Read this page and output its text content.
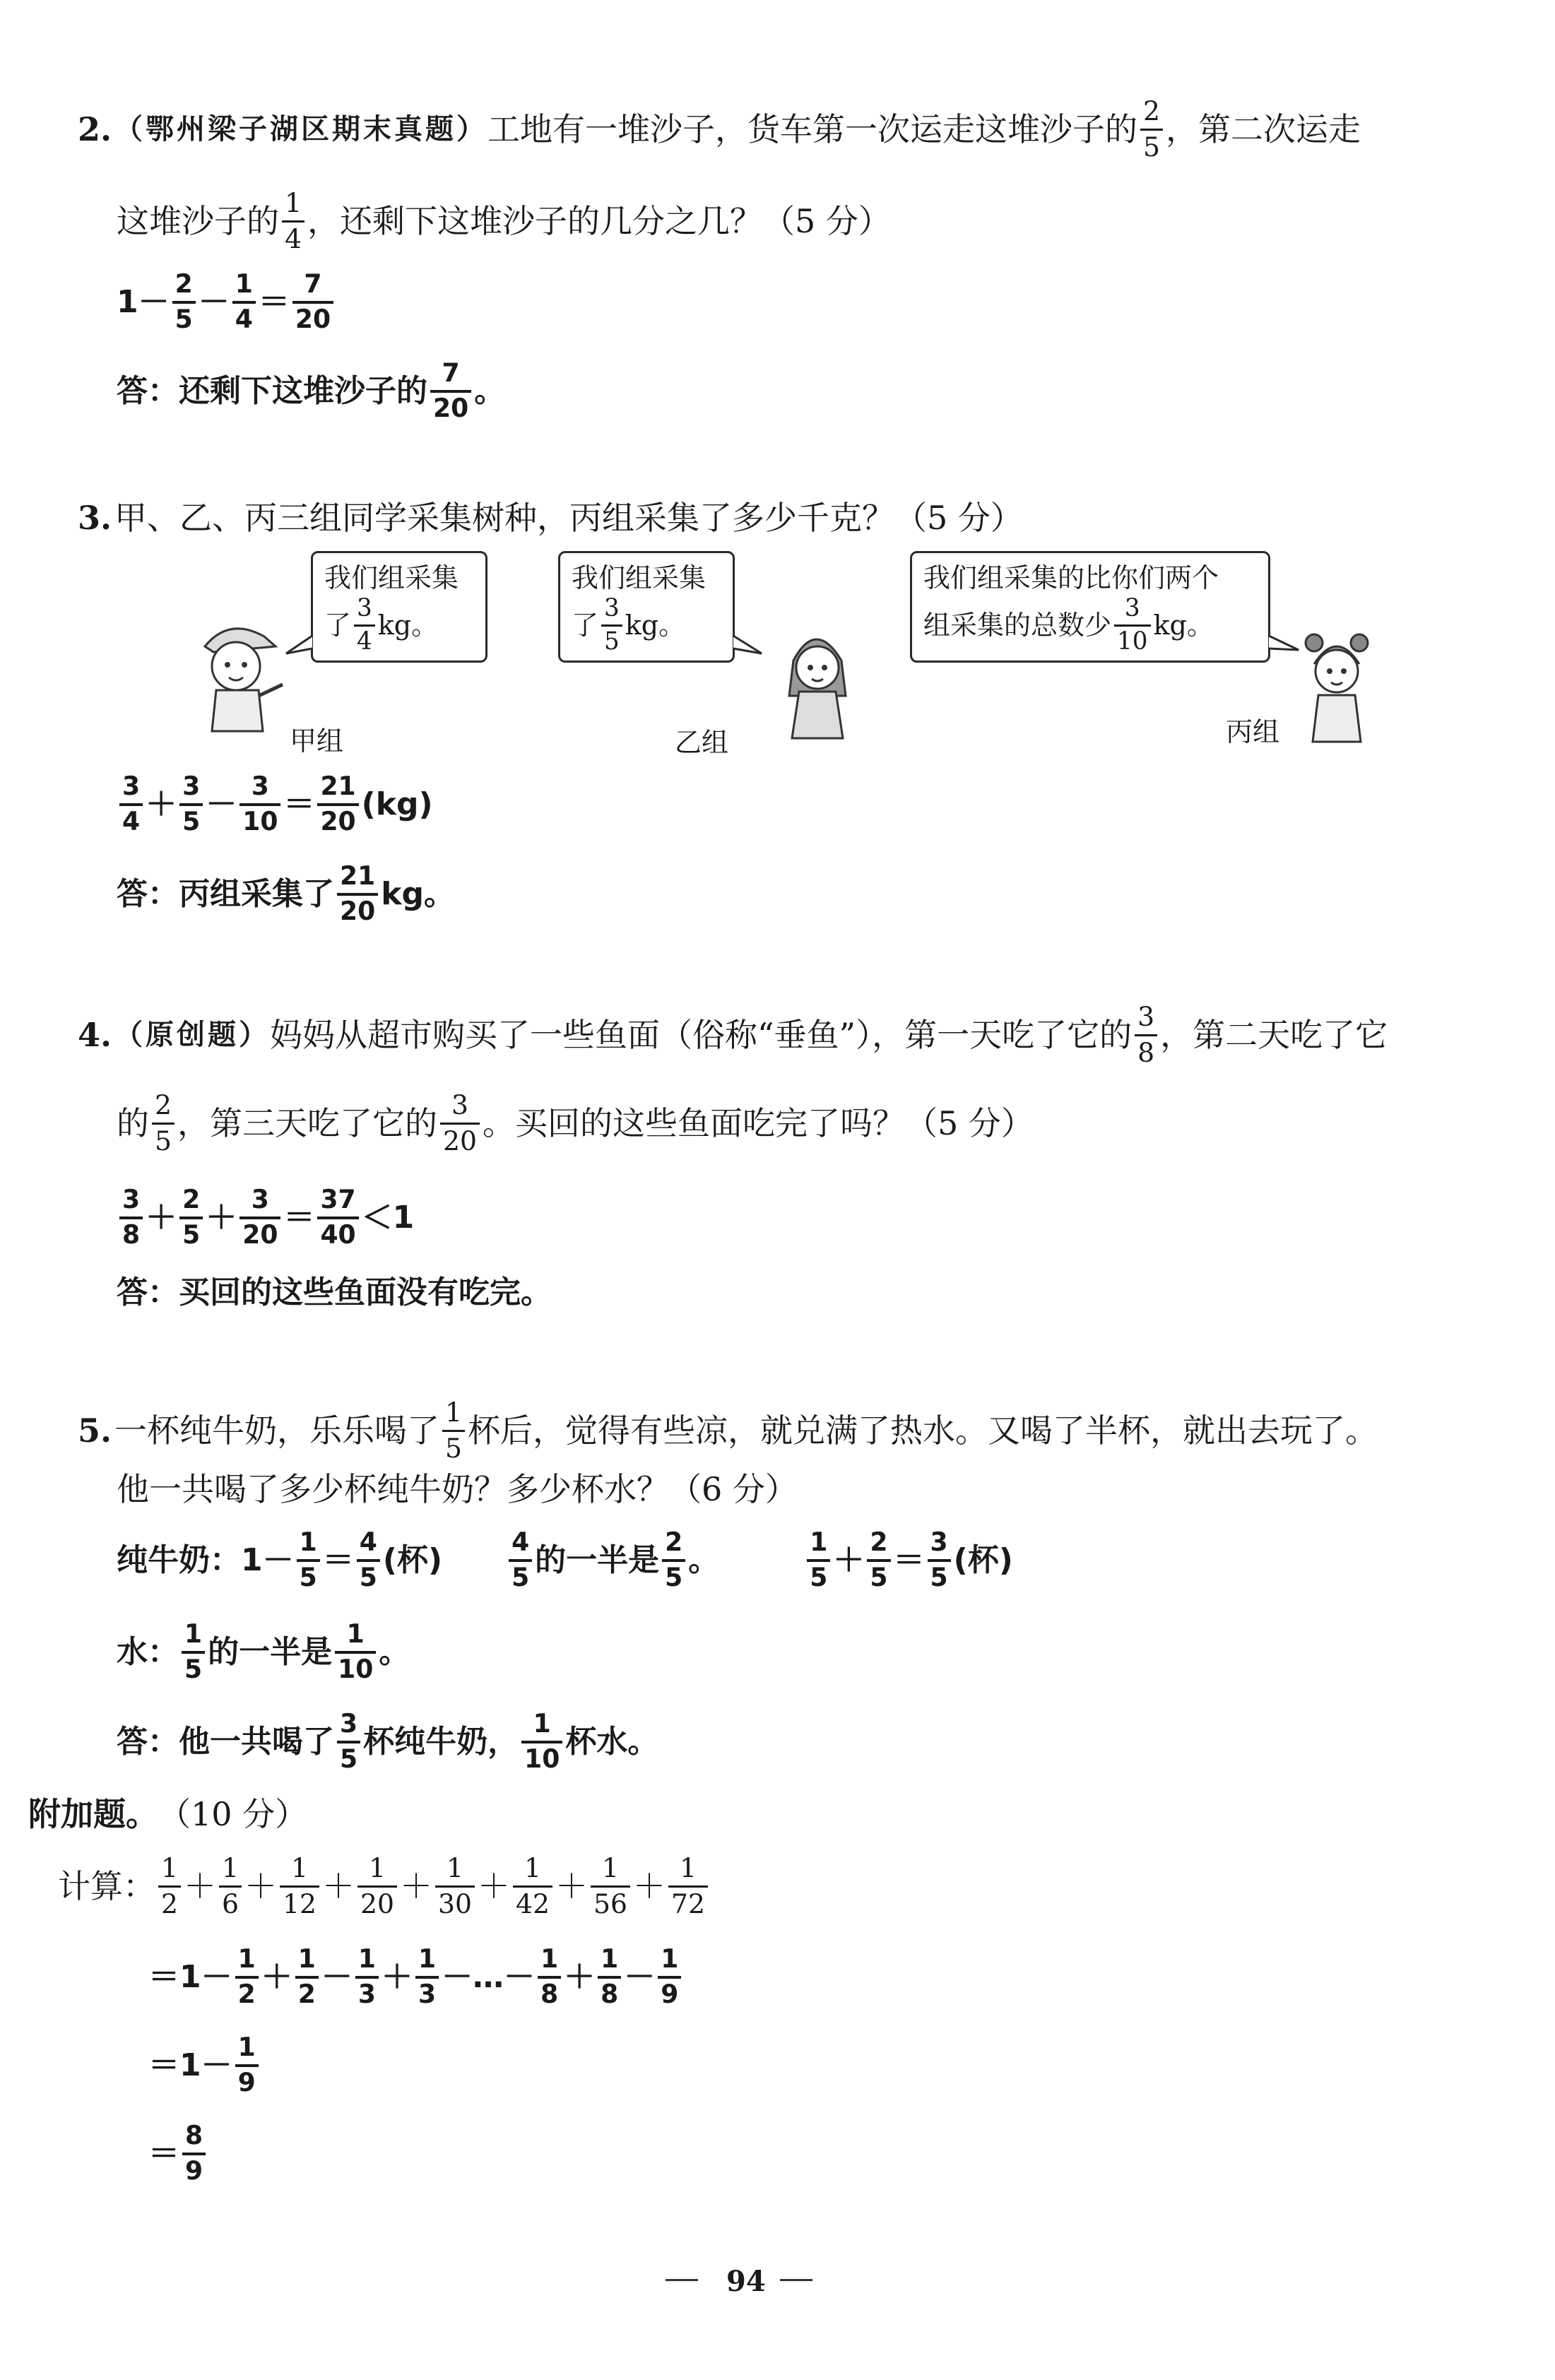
2. （鄂州梁子湖区期末真题） 工地有一堆沙子，货车第一次运走这堆沙子的 $\frac{2}{5}$ ，第二次运走
这堆沙子的 $\frac{1}{4}$ ，还剩下这堆沙子的几分之几？（5 分）
$1- \frac{2}{5} - \frac{1}{4} = \frac{7}{20}$
答：还剩下这堆沙子的 $\frac{7}{20}$ 。
3. 甲、乙、丙三组同学采集树种，丙组采集了多少千克？（5 分）
我们组采集
了 $\frac{3}{4}$ kg。
我们组采集
了 $\frac{3}{5}$ kg。
我们组采集的比你们两个
组采集的总数少 $\frac{3}{10}$ kg。
甲组	乙组	丙组
$\frac{3}{4} + \frac{3}{5} - \frac{3}{10} = \frac{21}{20} (kg)$
答：丙组采集了 $\frac{21}{20}$ kg。
4. （原创题） 妈妈从超市购买了一些鱼面（俗称“垂鱼”），第一天吃了它的 $\frac{3}{8}$ ，第二天吃了它
的 $\frac{2}{5}$ ，第三天吃了它的 $\frac{3}{20}$ 。买回的这些鱼面吃完了吗？（5 分）
$\frac{3}{8} + \frac{2}{5} + \frac{3}{20} = \frac{37}{40} <1$
答：买回的这些鱼面没有吃完。
5. 一杯纯牛奶，乐乐喝了 $\frac{1}{5}$ 杯后，觉得有些凉，就兑满了热水。又喝了半杯，就出去玩了。
他一共喝了多少杯纯牛奶？多少杯水？（6 分）
纯牛奶：$1- \frac{1}{5} = \frac{4}{5}$ (杯)	$\frac{4}{5}$ 的一半是 $\frac{2}{5}$ 。	$\frac{1}{5} + \frac{2}{5} = \frac{3}{5}$ (杯)
水： $\frac{1}{5}$ 的一半是 $\frac{1}{10}$ 。
答：他一共喝了 $\frac{3}{5}$ 杯纯牛奶， $\frac{1}{10}$ 杯水。
附加题。 （10 分）
计算： $\frac{1}{2} + \frac{1}{6} + \frac{1}{12} + \frac{1}{20} + \frac{1}{30} + \frac{1}{42} + \frac{1}{56} + \frac{1}{72}$
$=1- \frac{1}{2} + \frac{1}{2} - \frac{1}{3} + \frac{1}{3}$ －…－ $\frac{1}{8} + \frac{1}{8} - \frac{1}{9}$
$=1- \frac{1}{9}$
＝ $\frac{8}{9}$
94
